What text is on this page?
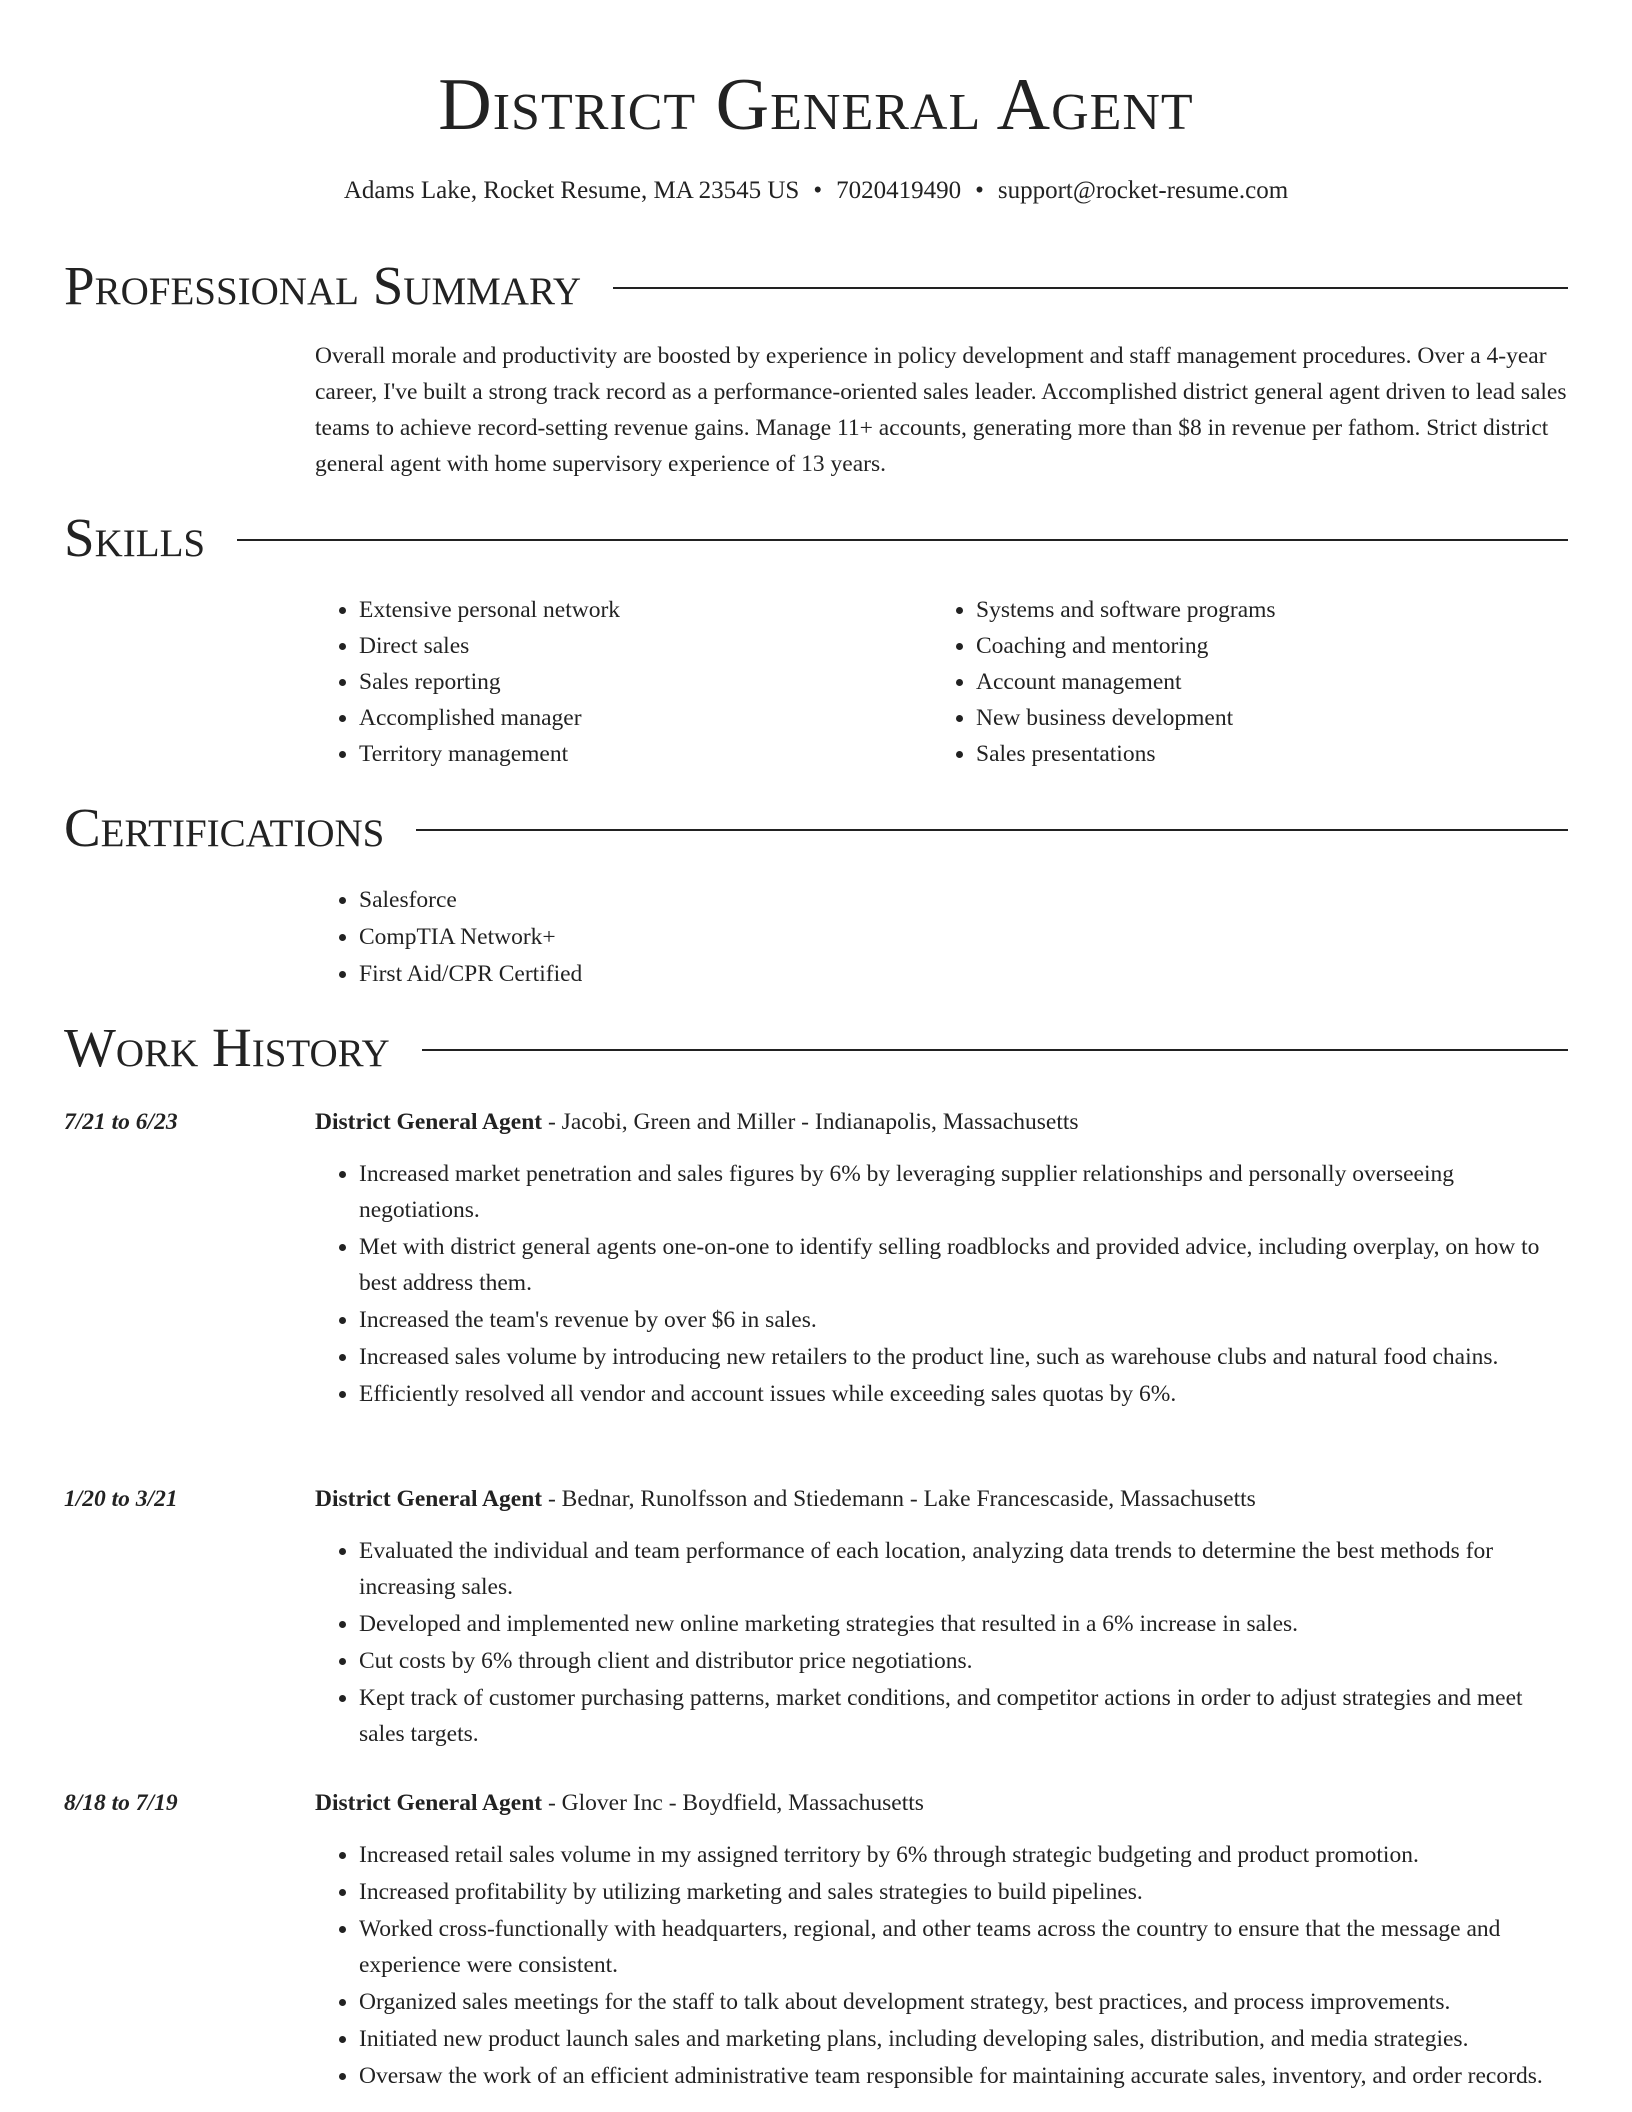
District General Agent
Adams Lake, Rocket Resume, MA 23545 US • 7020419490 • support@rocket-resume.com
Professional Summary

Overall morale and productivity are boosted by experience in policy development and staff management procedures. Over a 4-year career, I've built a strong track record as a performance-oriented sales leader. Accomplished district general agent driven to lead sales teams to achieve record-setting revenue gains. Manage 11+ accounts, generating more than $8 in revenue per fathom. Strict district general agent with home supervisory experience of 13 years.

Skills
• Extensive personal network
• Direct sales
• Sales reporting
• Accomplished manager
• Territory management
• Systems and software programs
• Coaching and mentoring
• Account management
• New business development
• Sales presentations
Certifications
• Salesforce
• CompTIA Network+
• First Aid/CPR Certified
Work History
7/21 to 6/23	District General Agent - Jacobi, Green and Miller - Indianapolis, Massachusetts
• Increased market penetration and sales figures by 6% by leveraging supplier relationships and personally overseeing negotiations.
• Met with district general agents one-on-one to identify selling roadblocks and provided advice, including overplay, on how to best address them.
• Increased the team's revenue by over $6 in sales.
• Increased sales volume by introducing new retailers to the product line, such as warehouse clubs and natural food chains.
• Efficiently resolved all vendor and account issues while exceeding sales quotas by 6%.
1/20 to 3/21	District General Agent - Bednar, Runolfsson and Stiedemann - Lake Francescaside, Massachusetts
• Evaluated the individual and team performance of each location, analyzing data trends to determine the best methods for increasing sales.
• Developed and implemented new online marketing strategies that resulted in a 6% increase in sales.
• Cut costs by 6% through client and distributor price negotiations.
• Kept track of customer purchasing patterns, market conditions, and competitor actions in order to adjust strategies and meet sales targets.
8/18 to 7/19	District General Agent - Glover Inc - Boydfield, Massachusetts
• Increased retail sales volume in my assigned territory by 6% through strategic budgeting and product promotion.
• Increased profitability by utilizing marketing and sales strategies to build pipelines.
• Worked cross-functionally with headquarters, regional, and other teams across the country to ensure that the message and experience were consistent.
• Organized sales meetings for the staff to talk about development strategy, best practices, and process improvements.
• Initiated new product launch sales and marketing plans, including developing sales, distribution, and media strategies.
• Oversaw the work of an efficient administrative team responsible for maintaining accurate sales, inventory, and order records.
